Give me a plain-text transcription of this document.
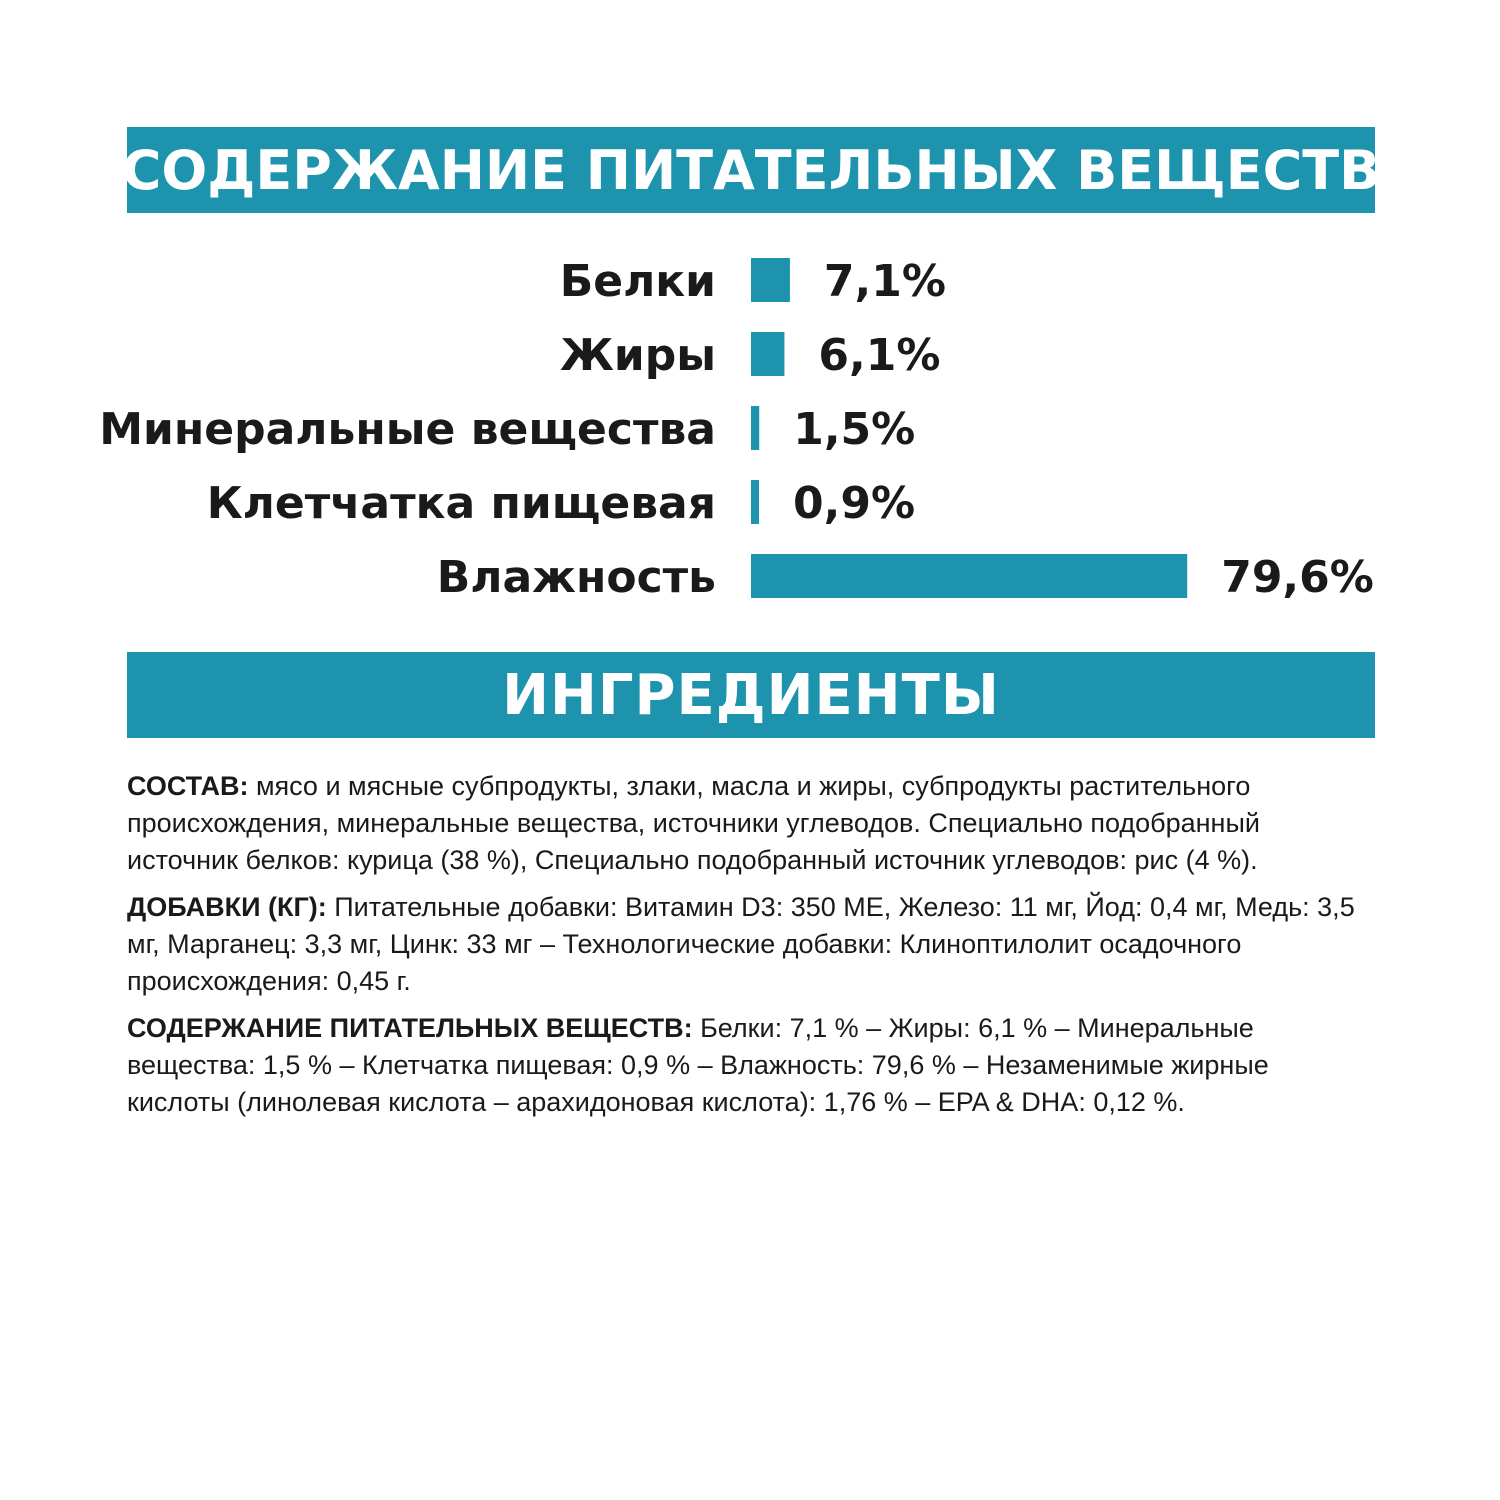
СОДЕРЖАНИЕ ПИТАТЕЛЬНЫХ ВЕЩЕСТВ
Белки 7,1%
Жиры 6,1%
Минеральные вещества 1,5%
Клетчатка пищевая 0,9%
Влажность	79,6%
ИНГРЕДИЕНТЫ

СОСТАВ: мясо и мясные субпродукты, злаки, масла и жиры, субпродукты растительного происхождения, минеральные вещества, источники углеводов. Специально подобранный источник белков: курица (38 %), Специально подобранный источник углеводов: рис (4 %).

ДОБАВКИ (КГ): Питательные добавки: Витамин D3: 350 МЕ, Железо: 11 мг, Йод: 0,4 мг, Медь: 3,5 мг, Марганец: 3,3 мг, Цинк: 33 мг – Технологические добавки: Клиноптилолит осадочного происхождения: 0,45 г.

СОДЕРЖАНИЕ ПИТАТЕЛЬНЫХ ВЕЩЕСТВ: Белки: 7,1 % – Жиры: 6,1 % – Минеральные вещества: 1,5 % – Клетчатка пищевая: 0,9 % – Влажность: 79,6 % – Незаменимые жирные кислоты (линолевая кислота – арахидоновая кислота): 1,76 % – EPA & DHA: 0,12 %.
